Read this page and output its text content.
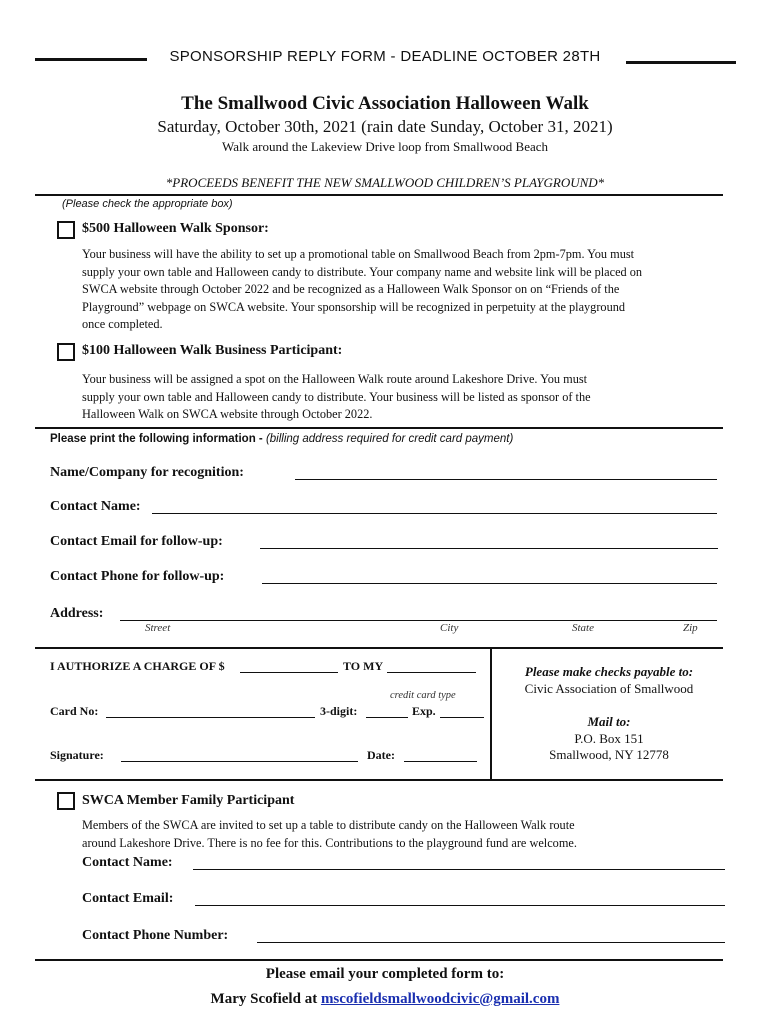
SPONSORSHIP REPLY FORM - DEADLINE OCTOBER 28TH
The Smallwood Civic Association Halloween Walk
Saturday, October 30th, 2021 (rain date Sunday, October 31, 2021)
Walk around the Lakeview Drive loop from Smallwood Beach
*PROCEEDS BENEFIT THE NEW SMALLWOOD CHILDREN’S PLAYGROUND*
(Please check the appropriate box)
$500 Halloween Walk Sponsor:
Your business will have the ability to set up a promotional table on Smallwood Beach from 2pm-7pm. You must
supply your own table and Halloween candy to distribute. Your company name and website link will be placed on
SWCA website through October 2022 and be recognized as a Halloween Walk Sponsor on on “Friends of the
Playground” webpage on SWCA website. Your sponsorship will be recognized in perpetuity at the playground
once completed.
$100 Halloween Walk Business Participant:
Your business will be assigned a spot on the Halloween Walk route around Lakeshore Drive. You must
supply your own table and Halloween candy to distribute. Your business will be listed as sponsor of the
Halloween Walk on SWCA website through October 2022.
Please print the following information - (billing address required for credit card payment)
Name/Company for recognition:
Contact Name:
Contact Email for follow-up:
Contact Phone for follow-up:
Address:
Street	City	State	Zip
I AUTHORIZE A CHARGE OF $	TO MY
credit card type
Card No:	3-digit:	Exp.
Signature:	Date:
Please make checks payable to:
Civic Association of Smallwood
Mail to:
P.O. Box 151
Smallwood, NY 12778
SWCA Member Family Participant
Members of the SWCA are invited to set up a table to distribute candy on the Halloween Walk route
around Lakeshore Drive. There is no fee for this. Contributions to the playground fund are welcome.
Contact Name:
Contact Email:
Contact Phone Number:
Please email your completed form to:
Mary Scofield at mscofieldsmallwoodcivic@gmail.com
